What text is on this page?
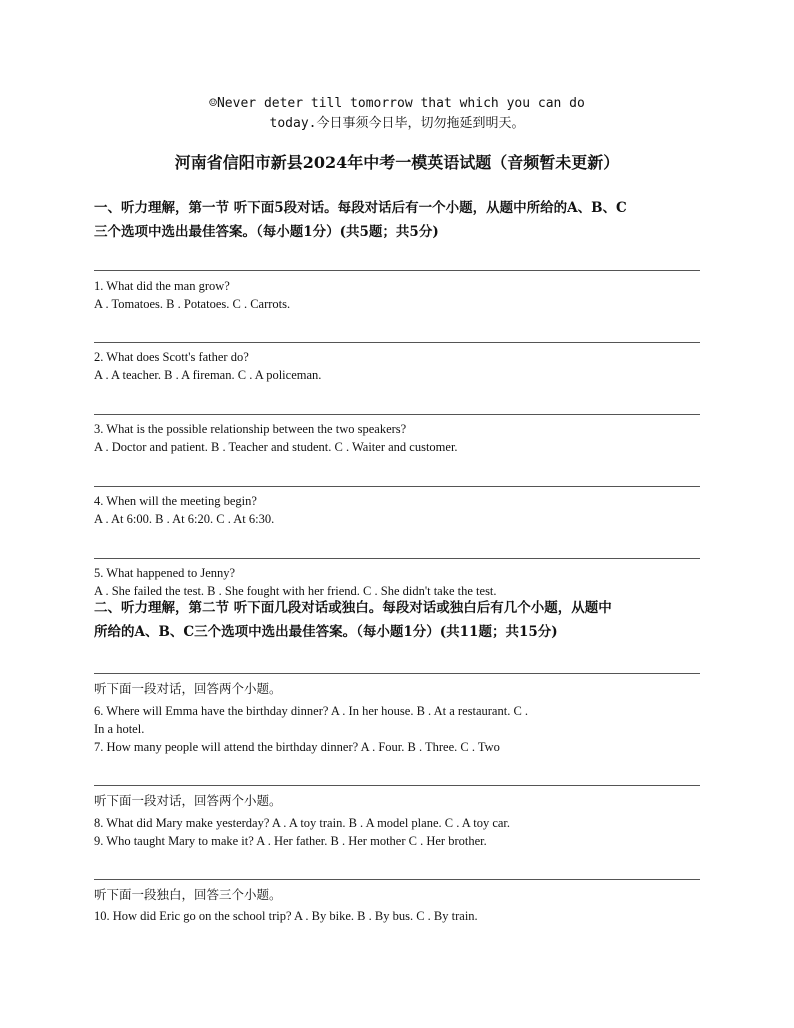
☺Never deter till tomorrow that which you can do
today.今日事须今日毕，切勿拖延到明天。
河南省信阳市新县2024年中考一模英语试题（音频暂未更新）
一、听力理解，第一节 听下面5段对话。每段对话后有一个小题，从题中所给的A、B、C
三个选项中选出最佳答案。（每小题1分）(共5题；共5分)
1. What did the man grow?
A . Tomatoes. B . Potatoes. C . Carrots.
2. What does Scott's father do?
A . A teacher. B . A fireman. C . A policeman.
3. What is the possible relationship between the two speakers?
A . Doctor and patient. B . Teacher and student. C . Waiter and customer.
4. When will the meeting begin?
A . At 6:00. B . At 6:20. C . At 6:30.
5. What happened to Jenny?
A . She failed the test. B . She fought with her friend. C . She didn't take the test.
二、听力理解，第二节 听下面几段对话或独白。每段对话或独白后有几个小题，从题中
所给的A、B、C三个选项中选出最佳答案。（每小题1分）(共11题；共15分)
听下面一段对话，回答两个小题。
6. Where will Emma have the birthday dinner? A . In her house. B . At a restaurant. C .
In a hotel.
7. How many people will attend the birthday dinner? A . Four. B . Three. C . Two
听下面一段对话，回答两个小题。
8. What did Mary make yesterday? A . A toy train. B . A model plane. C . A toy car.
9. Who taught Mary to make it? A . Her father. B . Her mother C . Her brother.
听下面一段独白，回答三个小题。
10. How did Eric go on the school trip? A . By bike. B . By bus. C . By train.
